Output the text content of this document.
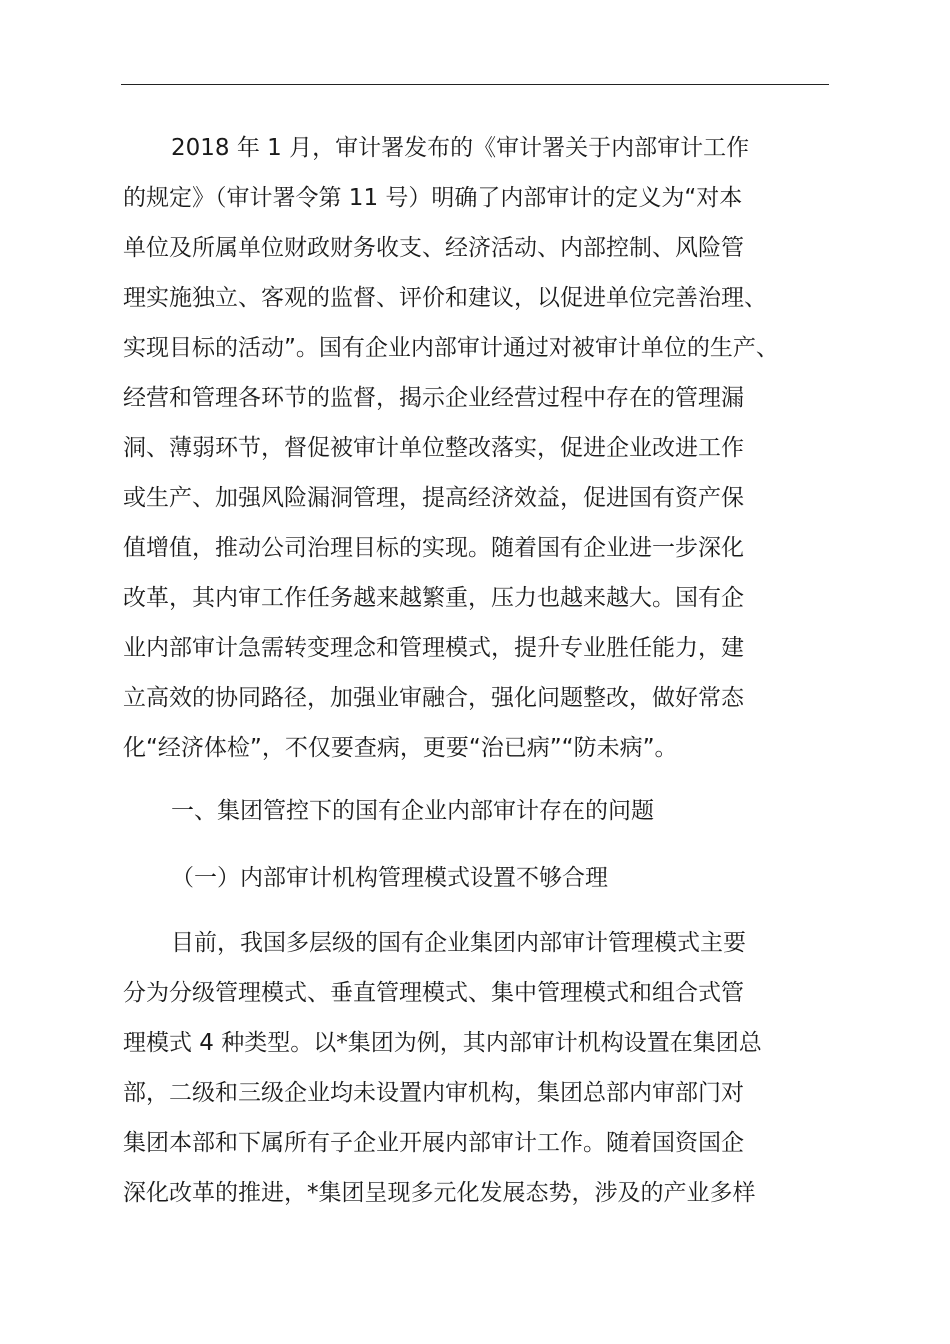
2018 年 1 月，审计署发布的《审计署关于内部审计工作
的规定》（审计署令第 11 号）明确了内部审计的定义为“对本
单位及所属单位财政财务收支、经济活动、内部控制、风险管
理实施独立、客观的监督、评价和建议，以促进单位完善治理、
实现目标的活动”。国有企业内部审计通过对被审计单位的生产、
经营和管理各环节的监督，揭示企业经营过程中存在的管理漏
洞、薄弱环节，督促被审计单位整改落实，促进企业改进工作
或生产、加强风险漏洞管理，提高经济效益，促进国有资产保
值增值，推动公司治理目标的实现。随着国有企业进一步深化
改革，其内审工作任务越来越繁重，压力也越来越大。国有企
业内部审计急需转变理念和管理模式，提升专业胜任能力，建
立高效的协同路径，加强业审融合，强化问题整改，做好常态
化“经济体检”，不仅要查病，更要“治已病”“防未病”。
一、集团管控下的国有企业内部审计存在的问题
（一）内部审计机构管理模式设置不够合理
目前，我国多层级的国有企业集团内部审计管理模式主要
分为分级管理模式、垂直管理模式、集中管理模式和组合式管
理模式 4 种类型。以*集团为例，其内部审计机构设置在集团总
部，二级和三级企业均未设置内审机构，集团总部内审部门对
集团本部和下属所有子企业开展内部审计工作。随着国资国企
深化改革的推进，*集团呈现多元化发展态势，涉及的产业多样
